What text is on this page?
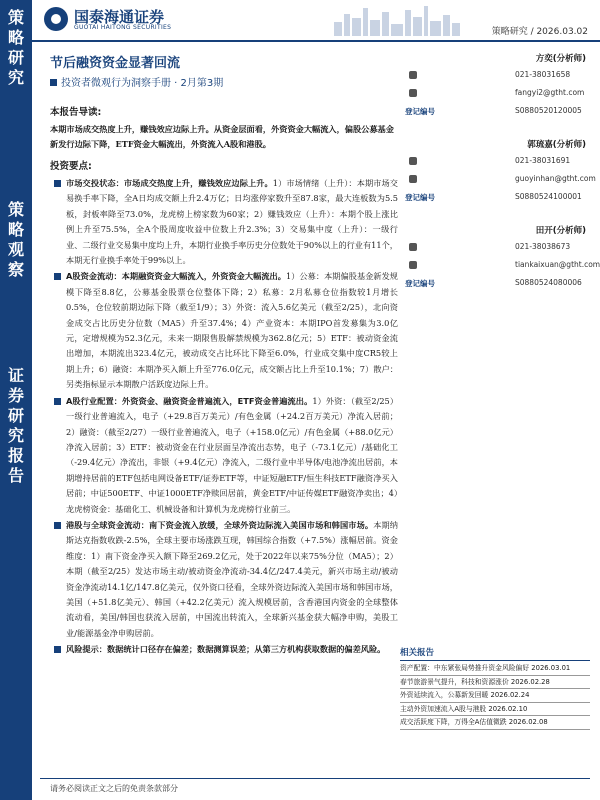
策
略
研
究
策
略
观
察
证
券
研
究
报
告
国泰海通证券
GUOTAI HAITONG SECURITIES	策略研究 / 2026.03.02
节后融资资金显著回流
投资者微观行为洞察手册 · 2月第3期
本报告导读:
本期市场成交热度上升，赚钱效应边际上升。从资金层面看，外资资金大幅流入，偏股公募基金新发行边际下降，ETF资金大幅流出，外资流入A股和港股。
投资要点:
市场交投状态：市场成交热度上升，赚钱效应边际上升。1）市场情绪（上升）：本期市场交易换手率下降，全A日均成交额上升2.4万亿；日均涨停家数升至87.8家，最大连板数为5.5板，封板率降至73.0%，龙虎榜上榜家数为60家；2）赚钱效应（上升）：本期个股上涨比例上升至75.5%，全A个股周度收益中位数上升2.3%；3）交易集中度（上升）：一级行业、二级行业交易集中度均上升，本期行业换手率历史分位数处于90%以上的行业有11个，本期无行业换手率处于99%以上。
A股资金流动：本期融资资金大幅流入，外资资金大幅流出。1）公募：本期偏股基金新发规模下降至8.8亿，公募基金股票仓位整体下降；2）私募：2月私募仓位指数较1月增长0.5%，仓位较前期边际下降（截至1/9）；3）外资：流入5.6亿美元（截至2/25），北向资金成交占比历史分位数（MA5）升至37.4%；4）产业资本：本期IPO首发募集为3.0亿元，定增规模为52.3亿元，未来一期限售股解禁规模为362.8亿元；5）ETF：被动资金流出增加，本期流出323.4亿元，被动成交占比环比下降至6.0%，行业成交集中度CR5较上期上升；6）融资：本期净买入额上升至776.0亿元，成交额占比上升至10.1%；7）散户：另类指标显示本期散户活跃度边际上升。
A股行业配置：外资资金、融资资金普遍流入，ETF资金普遍流出。1）外资：（截至2/25）一级行业普遍流入，电子（+29.8百万美元）/有色金属（+24.2百万美元）净流入居前；2）融资：（截至2/27）一级行业普遍流入，电子（+158.0亿元）/有色金属（+88.0亿元）净流入居前；3）ETF：被动资金在行业层面呈净流出态势，电子（-73.1亿元）/基础化工（-29.4亿元）净流出，非银（+9.4亿元）净流入，二级行业中半导体/电池净流出居前，本期增持居前的ETF包括电网设备ETF/证券ETF等，中证短融ETF/恒生科技ETF融资净买入居前；中证500ETF、中证1000ETF净赎回居前，黄金ETF/中证传媒ETF融资净卖出；4）龙虎榜资金：基础化工、机械设备和计算机为龙虎榜行业前三。
港股与全球资金流动：南下资金流入放缓，全球外资边际流入美国市场和韩国市场。本期纳斯达克指数收跌-2.5%，全球主要市场涨跌互现，韩国综合指数（+7.5%）涨幅居前。资金维度：1）南下资金净买入额下降至269.2亿元，处于2022年以来75%分位（MA5）；2）本期（截至2/25）发达市场主动/被动资金净流动-34.4亿/247.4美元，新兴市场主动/被动资金净流动14.1亿/147.8亿美元，仅外资口径看，全球外资边际流入美国市场和韩国市场，美国（+51.8亿美元）、韩国（+42.2亿美元）流入规模居前，含香港国内资金的全球整体流动看，美国/韩国也获流入居前，中国流出转流入，全球新兴基金获大幅净申购，美股工业/能源基金净申购居前。
风险提示：数据统计口径存在偏差；数据测算误差；从第三方机构获取数据的偏差风险。
方奕(分析师)
021-38031658
fangyi2@gtht.com
登记编号	S0880520120005
郭琉嘉(分析师)
021-38031691
guoyinhan@gtht.com
登记编号	S0880524100001
田开(分析师)
021-38038673
tiankaixuan@gtht.com
登记编号	S0880524080006
相关报告
资产配置：中东紧张局势推升资金风险偏好 2026.03.01
春节旅游景气提升，科技和资源涨价 2026.02.28
外资延续流入，公募新发回暖 2026.02.24
主动外资加速流入A股与港股 2026.02.10
成交活跃度下降，万得全A估值微跌 2026.02.08
请务必阅读正文之后的免责条款部分
